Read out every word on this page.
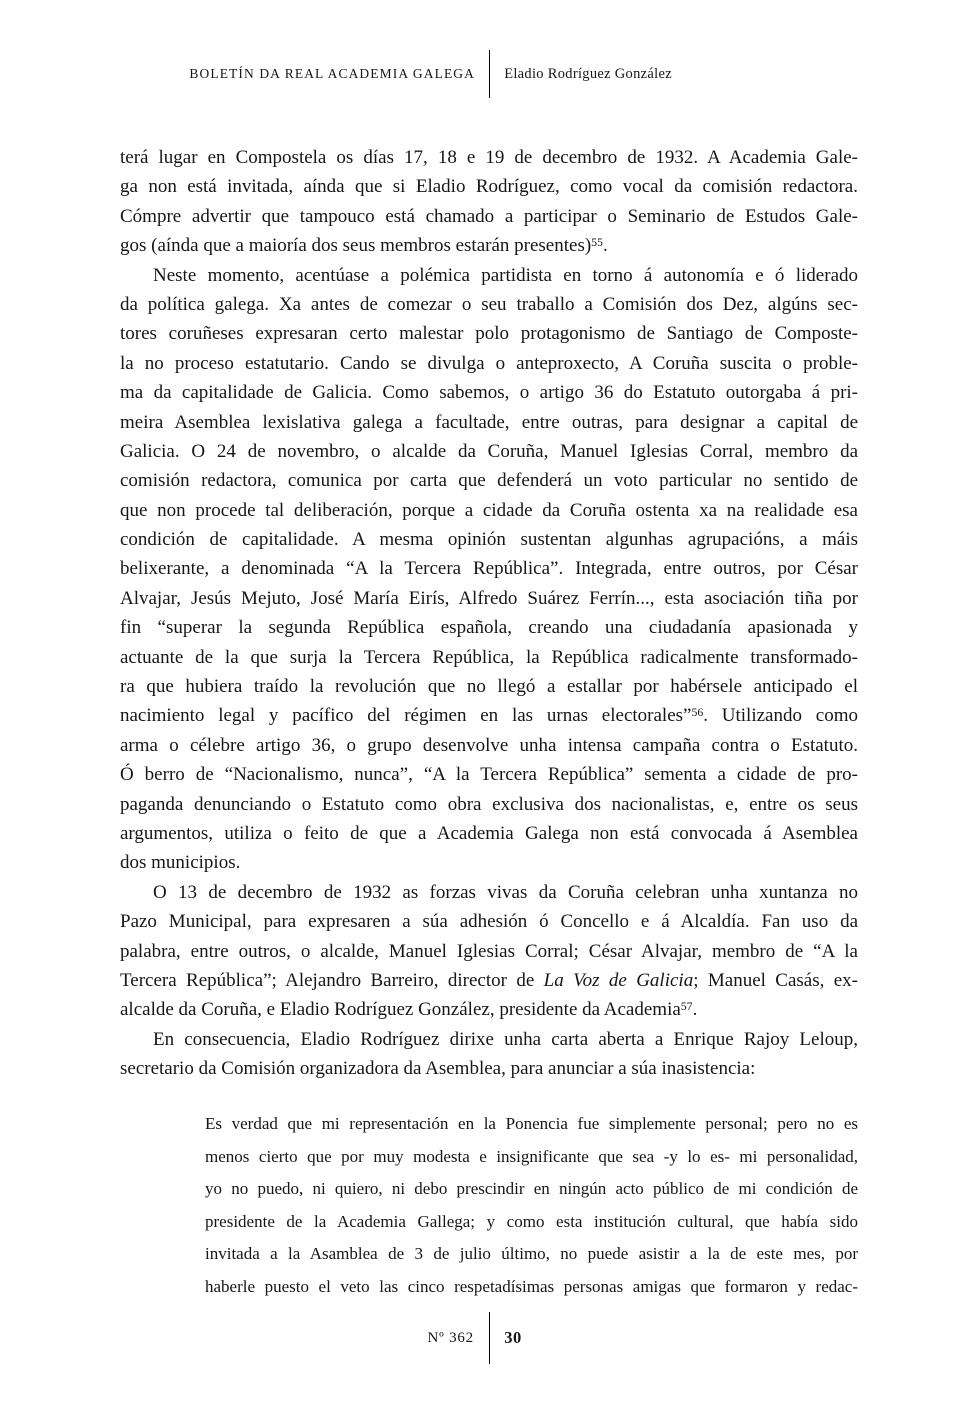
BOLETÍN DA REAL ACADEMIA GALEGA	Eladio Rodríguez González
terá lugar en Compostela os días 17, 18 e 19 de decembro de 1932. A Academia Gale-
ga non está invitada, aínda que si Eladio Rodríguez, como vocal da comisión redactora.
Cómpre advertir que tampouco está chamado a participar o Seminario de Estudos Gale-
gos (aínda que a maioría dos seus membros estarán presentes)$^{55}$.
Neste momento, acentúase a polémica partidista en torno á autonomía e ó liderado
da política galega. Xa antes de comezar o seu traballo a Comisión dos Dez, algúns sec-
tores coruñeses expresaran certo malestar polo protagonismo de Santiago de Composte-
la no proceso estatutario. Cando se divulga o anteproxecto, A Coruña suscita o proble-
ma da capitalidade de Galicia. Como sabemos, o artigo 36 do Estatuto outorgaba á pri-
meira Asemblea lexislativa galega a facultade, entre outras, para designar a capital de
Galicia. O 24 de novembro, o alcalde da Coruña, Manuel Iglesias Corral, membro da
comisión redactora, comunica por carta que defenderá un voto particular no sentido de
que non procede tal deliberación, porque a cidade da Coruña ostenta xa na realidade esa
condición de capitalidade. A mesma opinión sustentan algunhas agrupacións, a máis
belixerante, a denominada “A la Tercera República”. Integrada, entre outros, por César
Alvajar, Jesús Mejuto, José María Eirís, Alfredo Suárez Ferrín..., esta asociación tiña por
fin “superar la segunda República española, creando una ciudadanía apasionada y
actuante de la que surja la Tercera República, la República radicalmente transformado-
ra que hubiera traído la revolución que no llegó a estallar por habérsele anticipado el
nacimiento legal y pacífico del régimen en las urnas electorales”$^{56}$. Utilizando como
arma o célebre artigo 36, o grupo desenvolve unha intensa campaña contra o Estatuto.
Ó berro de “Nacionalismo, nunca”, “A la Tercera República” sementa a cidade de pro-
paganda denunciando o Estatuto como obra exclusiva dos nacionalistas, e, entre os seus
argumentos, utiliza o feito de que a Academia Galega non está convocada á Asemblea
dos municipios.
O 13 de decembro de 1932 as forzas vivas da Coruña celebran unha xuntanza no
Pazo Municipal, para expresaren a súa adhesión ó Concello e á Alcaldía. Fan uso da
palabra, entre outros, o alcalde, Manuel Iglesias Corral; César Alvajar, membro de “A la
Tercera República”; Alejandro Barreiro, director de La Voz de Galicia; Manuel Casás, ex-
alcalde da Coruña, e Eladio Rodríguez González, presidente da Academia$^{57}$.
En consecuencia, Eladio Rodríguez dirixe unha carta aberta a Enrique Rajoy Leloup,
secretario da Comisión organizadora da Asemblea, para anunciar a súa inasistencia:
Es verdad que mi representación en la Ponencia fue simplemente personal; pero no es
menos cierto que por muy modesta e insignificante que sea -y lo es- mi personalidad,
yo no puedo, ni quiero, ni debo prescindir en ningún acto público de mi condición de
presidente de la Academia Gallega; y como esta institución cultural, que había sido
invitada a la Asamblea de 3 de julio último, no puede asistir a la de este mes, por
haberle puesto el veto las cinco respetadísimas personas amigas que formaron y redac-
Nº 362	30
